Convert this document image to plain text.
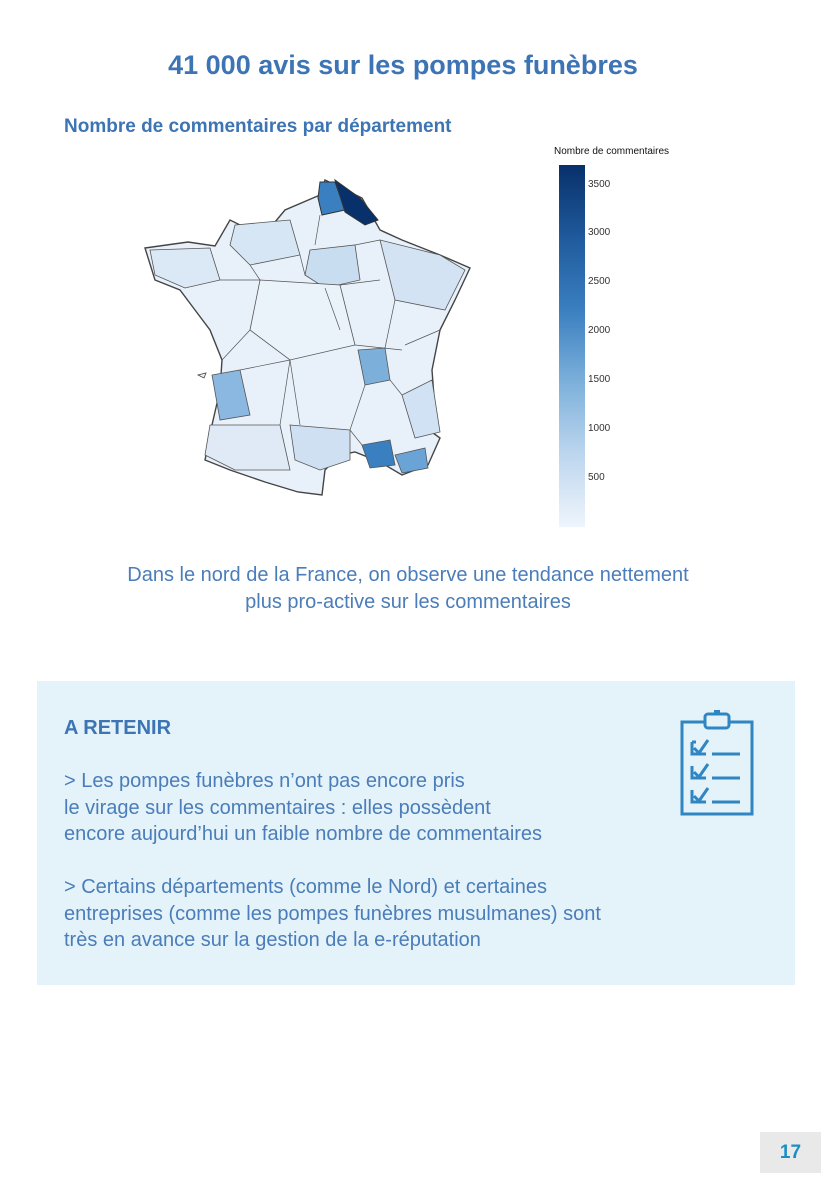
41 000 avis sur les pompes funèbres
Nombre de commentaires par département
Nombre de commentaires
3500
3000
2500
2000
1500
1000
500
Dans le nord de la France, on observe une tendance nettement
plus pro-active sur les commentaires
A RETENIR
> Les pompes funèbres n’ont pas encore pris
le virage sur les commentaires : elles possèdent
encore aujourd’hui un faible nombre de commentaires
> Certains départements (comme le Nord) et certaines
entreprises (comme les pompes funèbres musulmanes) sont
très en avance sur la gestion de la e-réputation
17
